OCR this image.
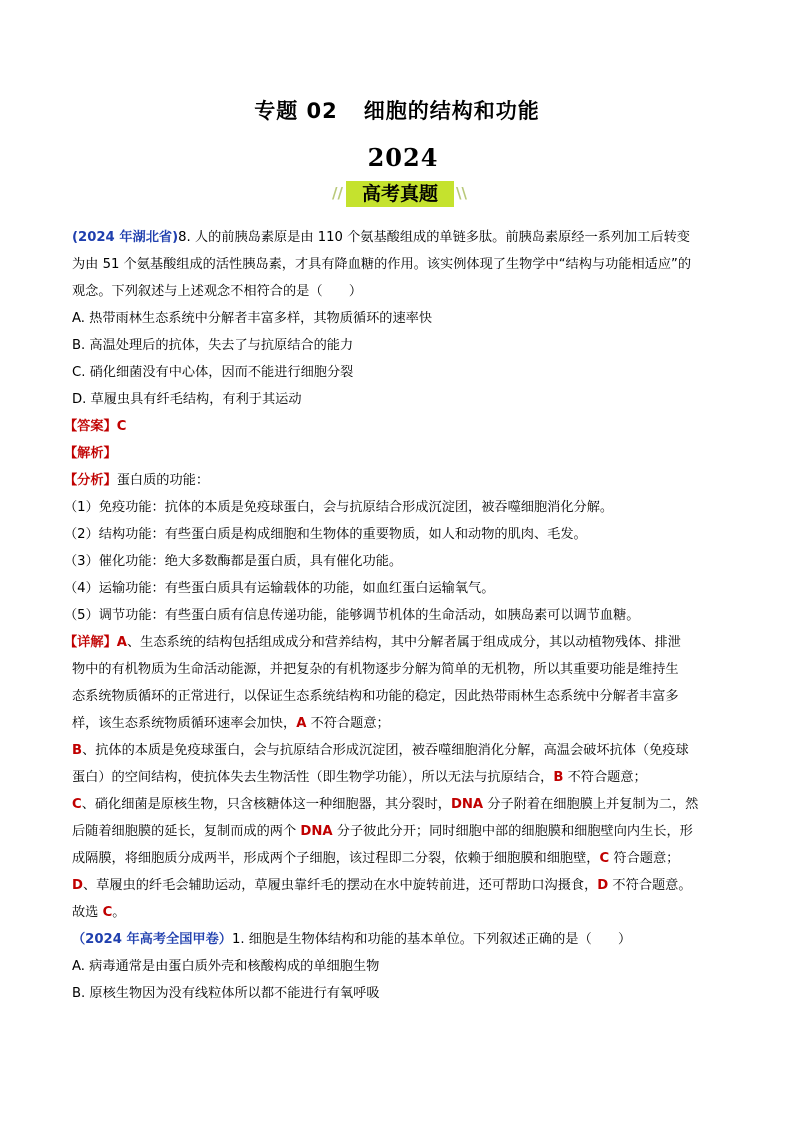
专题 02 细胞的结构和功能
2024
//	高考真题	\\

(2024 年湖北省)8. 人的前胰岛素原是由 110 个氨基酸组成的单链多肽。前胰岛素原经一系列加工后转变

为由 51 个氨基酸组成的活性胰岛素，才具有降血糖的作用。该实例体现了生物学中“结构与功能相适应”的

观念。下列叙述与上述观念不相符合的是（　　）

A. 热带雨林生态系统中分解者丰富多样，其物质循环的速率快

B. 高温处理后的抗体，失去了与抗原结合的能力

C. 硝化细菌没有中心体，因而不能进行细胞分裂

D. 草履虫具有纤毛结构，有利于其运动

【答案】C

【解析】

【分析】蛋白质的功能：

（1）免疫功能：抗体的本质是免疫球蛋白，会与抗原结合形成沉淀团，被吞噬细胞消化分解。

（2）结构功能：有些蛋白质是构成细胞和生物体的重要物质，如人和动物的肌肉、毛发。

（3）催化功能：绝大多数酶都是蛋白质，具有催化功能。

（4）运输功能：有些蛋白质具有运输载体的功能，如血红蛋白运输氧气。

（5）调节功能：有些蛋白质有信息传递功能，能够调节机体的生命活动，如胰岛素可以调节血糖。

【详解】A、生态系统的结构包括组成成分和营养结构，其中分解者属于组成成分，其以动植物残体、排泄

物中的有机物质为生命活动能源，并把复杂的有机物逐步分解为简单的无机物，所以其重要功能是维持生

态系统物质循环的正常进行，以保证生态系统结构和功能的稳定，因此热带雨林生态系统中分解者丰富多

样，该生态系统物质循环速率会加快，A 不符合题意；

B、抗体的本质是免疫球蛋白，会与抗原结合形成沉淀团，被吞噬细胞消化分解，高温会破坏抗体（免疫球

蛋白）的空间结构，使抗体失去生物活性（即生物学功能），所以无法与抗原结合，B 不符合题意；

C、硝化细菌是原核生物，只含核糖体这一种细胞器，其分裂时，DNA 分子附着在细胞膜上并复制为二，然

后随着细胞膜的延长，复制而成的两个 DNA 分子彼此分开；同时细胞中部的细胞膜和细胞壁向内生长，形

成隔膜，将细胞质分成两半，形成两个子细胞，该过程即二分裂，依赖于细胞膜和细胞壁，C 符合题意；

D、草履虫的纤毛会辅助运动，草履虫靠纤毛的摆动在水中旋转前进，还可帮助口沟摄食，D 不符合题意。

故选 C。

（2024 年高考全国甲卷）1. 细胞是生物体结构和功能的基本单位。下列叙述正确的是（　　）

A. 病毒通常是由蛋白质外壳和核酸构成的单细胞生物

B. 原核生物因为没有线粒体所以都不能进行有氧呼吸
